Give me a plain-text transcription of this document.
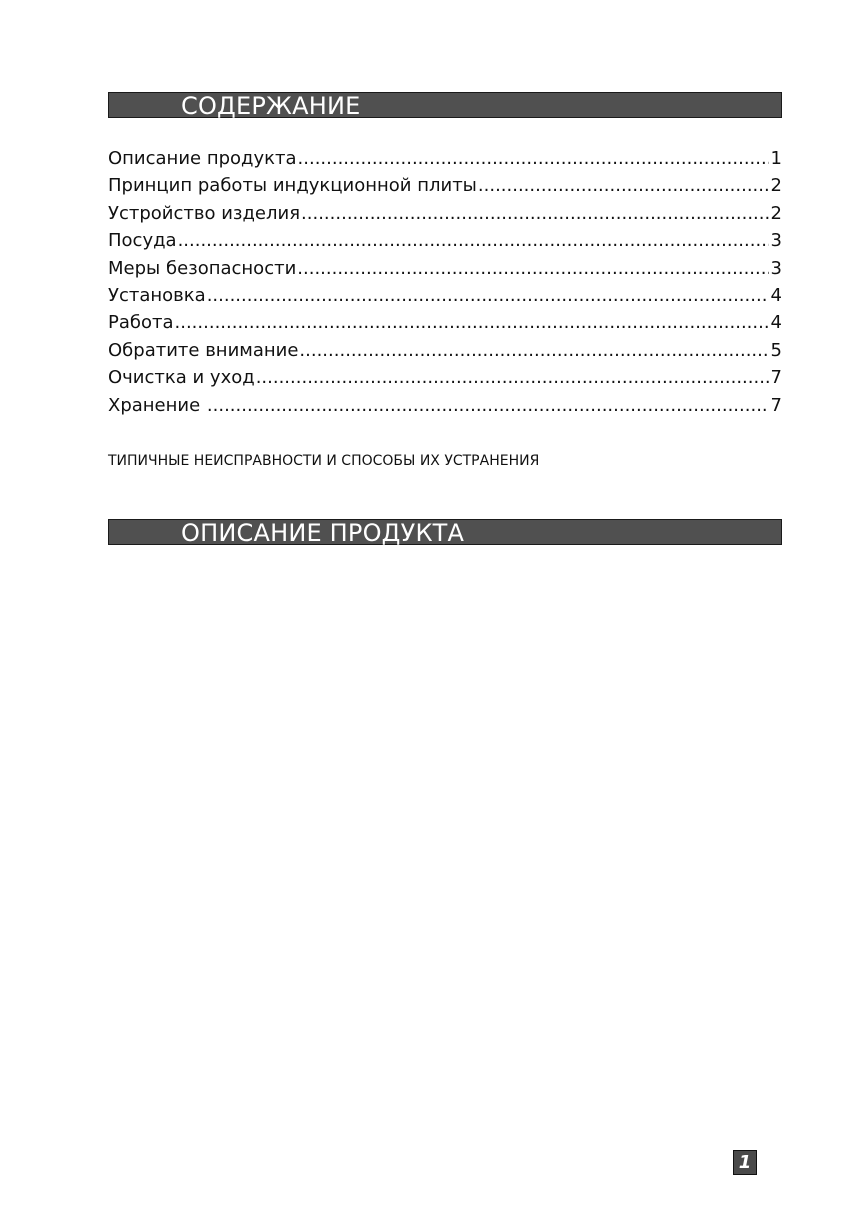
СОДЕРЖАНИЕ
Описание продукта .....	1
Принцип работы индукционной плиты .....	2
Устройство изделия .....	2
Посуда .....	3
Меры безопасности .....	3
Установка .....	4
Работа .....	4
Обратите внимание .....	5
Очистка и уход .....	7
Хранение .....	7
ТИПИЧНЫЕ НЕИСПРАВНОСТИ И СПОСОБЫ ИХ УСТРАНЕНИЯ
ОПИСАНИЕ ПРОДУКТА
1
